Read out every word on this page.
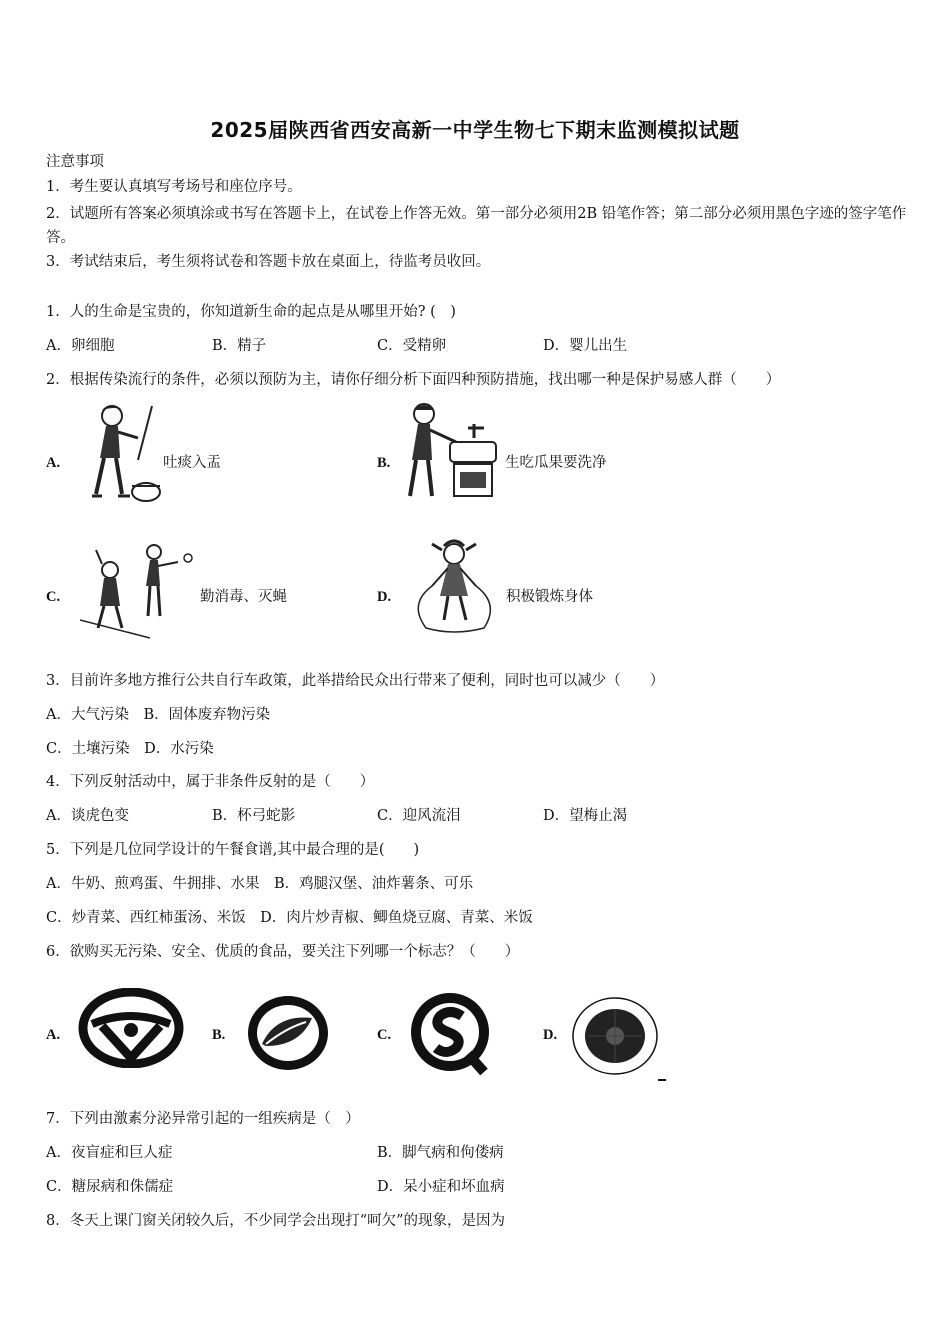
2025届陕西省西安高新一中学生物七下期末监测模拟试题
注意事项
1．考生要认真填写考场号和座位序号。
2．试题所有答案必须填涂或书写在答题卡上，在试卷上作答无效。第一部分必须用2B 铅笔作答；第二部分必须用黑色字迹的签字笔作答。
3．考试结束后，考生须将试卷和答题卡放在桌面上，待监考员收回。
1．人的生命是宝贵的，你知道新生命的起点是从哪里开始? (　)
A．卵细胞	B．精子	C．受精卵	D．婴儿出生
2．根据传染流行的条件，必须以预防为主，请你仔细分析下面四种预防措施，找出哪一种是保护易感人群（　　）
A.	吐痰入盂	B.	生吃瓜果要洗净
C.	勤消毒、灭蝇	D.	积极锻炼身体
3．目前许多地方推行公共自行车政策，此举措给民众出行带来了便利，同时也可以减少（　　）
A．大气污染　B．固体废弃物污染
C．土壤污染　D．水污染
4．下列反射活动中，属于非条件反射的是（　　）
A．谈虎色变	B．杯弓蛇影	C．迎风流泪	D．望梅止渴
5．下列是几位同学设计的午餐食谱,其中最合理的是(　　)
A．牛奶、煎鸡蛋、牛拥排、水果　B．鸡腿汉堡、油炸薯条、可乐
C．炒青菜、西红柿蛋汤、米饭　D．肉片炒青椒、鲫鱼烧豆腐、青菜、米饭
6．欲购买无污染、安全、优质的食品，要关注下列哪一个标志？（　　）
A.	B.	C.	D.
7．下列由激素分泌异常引起的一组疾病是（　）
A．夜盲症和巨人症	B．脚气病和佝偻病
C．糖尿病和侏儒症	D．呆小症和坏血病
8．冬天上课门窗关闭较久后，不少同学会出现打“呵欠”的现象，是因为
